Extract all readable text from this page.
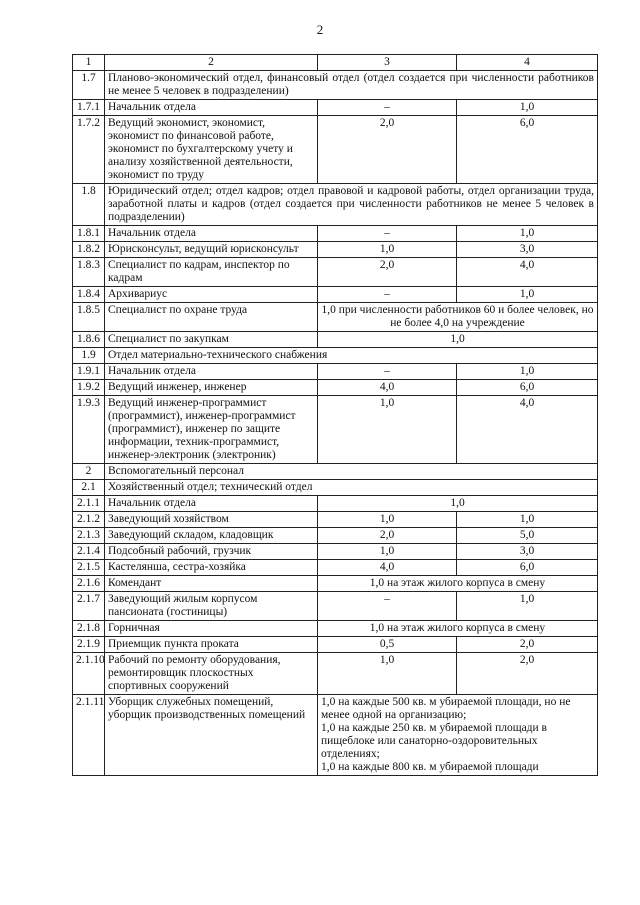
2
1	2	3	4
1.7	Планово-экономический отдел, финансовый отдел (отдел создается при численности работников не менее 5 человек в подразделении)		
1.7.1	Начальник отдела	–	1,0
1.7.2	Ведущий экономист, экономист, экономист по финансовой работе, экономист по бухгалтерскому учету и анализу хозяйственной деятельности, экономист по труду	2,0	6,0
1.8	Юридический отдел; отдел кадров; отдел правовой и кадровой работы, отдел организации труда, заработной платы и кадров (отдел создается при численности работников не менее 5 человек в подразделении)		
1.8.1	Начальник отдела	–	1,0
1.8.2	Юрисконсульт, ведущий юрисконсульт	1,0	3,0
1.8.3	Специалист по кадрам, инспектор по кадрам	2,0	4,0
1.8.4	Архивариус	–	1,0
1.8.5	Специалист по охране труда	1,0 при численности работников 60 и более человек, но не более 4,0 на учреждение	
1.8.6	Специалист по закупкам	1,0	
1.9	Отдел материально-технического снабжения		
1.9.1	Начальник отдела	–	1,0
1.9.2	Ведущий инженер, инженер	4,0	6,0
1.9.3	Ведущий инженер-программист (программист), инженер-программист (программист), инженер по защите информации, техник-программист, инженер-электроник (электроник)	1,0	4,0
2	Вспомогательный персонал		
2.1	Хозяйственный отдел; технический отдел		
2.1.1	Начальник отдела	1,0	
2.1.2	Заведующий хозяйством	1,0	1,0
2.1.3	Заведующий складом, кладовщик	2,0	5,0
2.1.4	Подсобный рабочий, грузчик	1,0	3,0
2.1.5	Кастелянша, сестра-хозяйка	4,0	6,0
2.1.6	Комендант	1,0 на этаж жилого корпуса в смену	
2.1.7	Заведующий жилым корпусом пансионата (гостиницы)	–	1,0
2.1.8	Горничная	1,0 на этаж жилого корпуса в смену	
2.1.9	Приемщик пункта проката	0,5	2,0
2.1.10	Рабочий по ремонту оборудования, ремонтировщик плоскостных спортивных сооружений	1,0	2,0
2.1.11	Уборщик служебных помещений, уборщик производственных помещений	1,0 на каждые 500 кв. м убираемой площади, но не менее одной на организацию;
1,0 на каждые 250 кв. м убираемой площади в пищеблоке или санаторно-оздоровительных отделениях;
1,0 на каждые 800 кв. м убираемой площади	
